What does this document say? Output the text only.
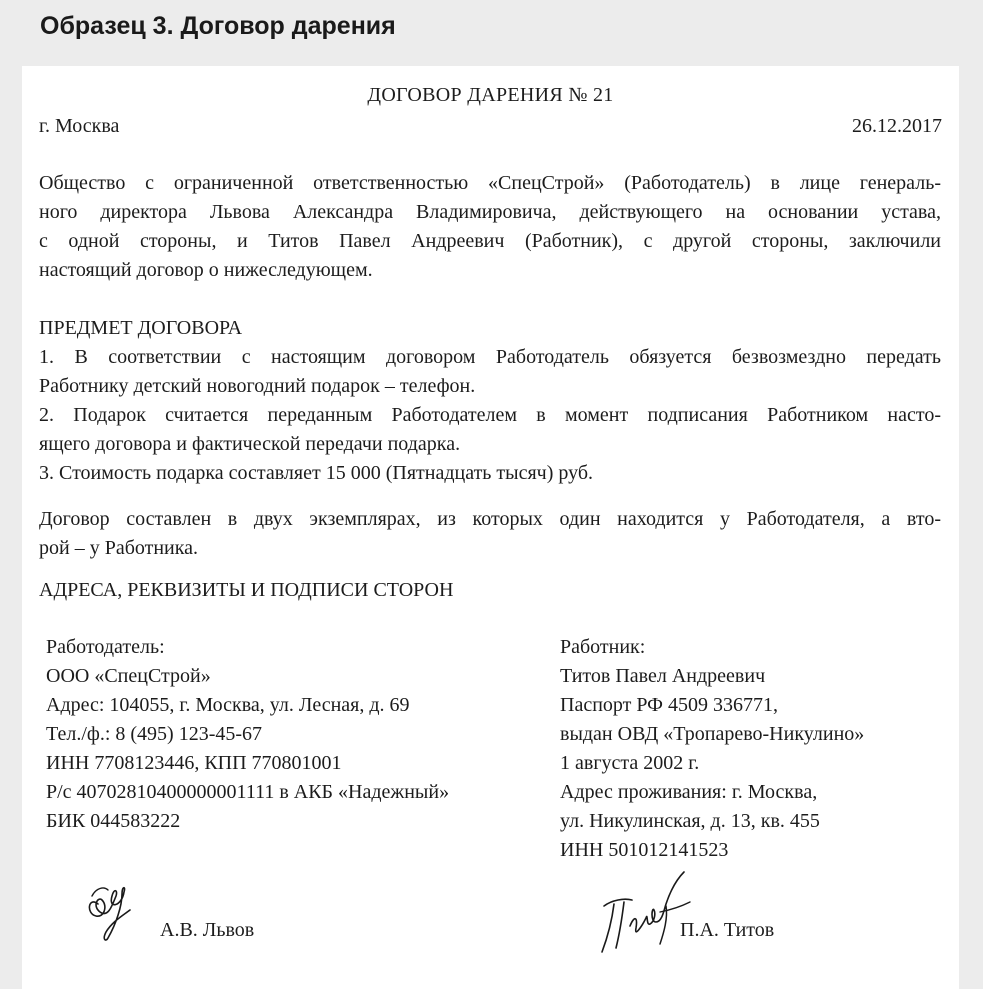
Образец 3. Договор дарения
ДОГОВОР ДАРЕНИЯ № 21
г. Москва	26.12.2017
Общество с ограниченной ответственностью «СпецСтрой» (Работодатель) в лице генераль-
ного директора Львова Александра Владимировича, действующего на основании устава,
с одной стороны, и Титов Павел Андреевич (Работник), с другой стороны, заключили
настоящий договор о нижеследующем.
ПРЕДМЕТ ДОГОВОРА
1. В соответствии с настоящим договором Работодатель обязуется безвозмездно передать
Работнику детский новогодний подарок – телефон.
2. Подарок считается переданным Работодателем в момент подписания Работником насто-
ящего договора и фактической передачи подарка.
3. Стоимость подарка составляет 15 000 (Пятнадцать тысяч) руб.
Договор составлен в двух экземплярах, из которых один находится у Работодателя, а вто-
рой – у Работника.
АДРЕСА, РЕКВИЗИТЫ И ПОДПИСИ СТОРОН
Работодатель:
ООО «СпецСтрой»
Адрес: 104055, г. Москва, ул. Лесная, д. 69
Тел./ф.: 8 (495) 123-45-67
ИНН 7708123446, КПП 770801001
Р/с 40702810400000001111 в АКБ «Надежный»
БИК 044583222
Работник:
Титов Павел Андреевич
Паспорт РФ 4509 336771,
выдан ОВД «Тропарево-Никулино»
1 августа 2002 г.
Адрес проживания: г. Москва,
ул. Никулинская, д. 13, кв. 455
ИНН 501012141523
А.В. Львов	П.А. Титов
